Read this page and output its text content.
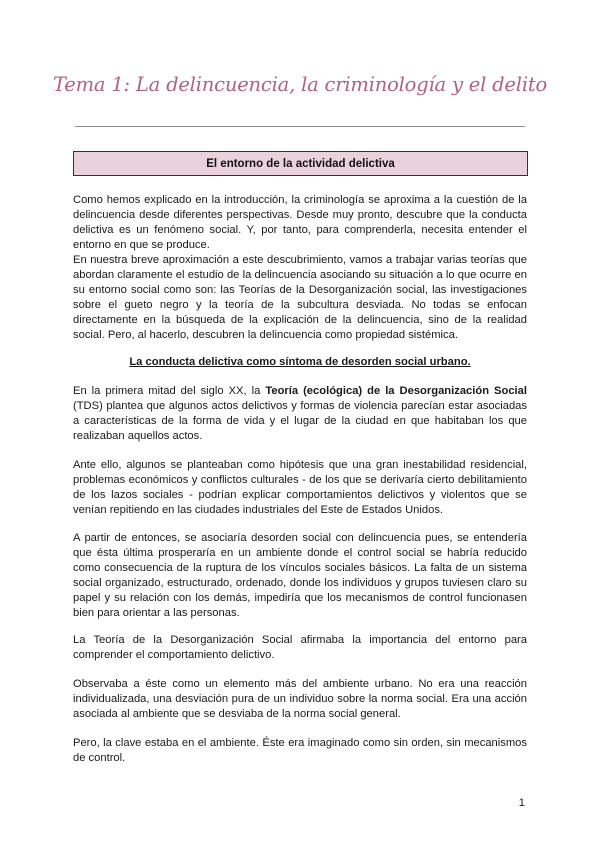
Tema 1: La delincuencia, la criminología y el delito
El entorno de la actividad delictiva

Como hemos explicado en la introducción, la criminología se aproxima a la cuestión de la delincuencia desde diferentes perspectivas. Desde muy pronto, descubre que la conducta delictiva es un fenómeno social. Y, por tanto, para comprenderla, necesita entender el entorno en que se produce.

En nuestra breve aproximación a este descubrimiento, vamos a trabajar varias teorías que abordan claramente el estudio de la delincuencia asociando su situación a lo que ocurre en su entorno social como son: las Teorías de la Desorganización social, las investigaciones sobre el gueto negro y la teoría de la subcultura desviada. No todas se enfocan directamente en la búsqueda de la explicación de la delincuencia, sino de la realidad social. Pero, al hacerlo, descubren la delincuencia como propiedad sistémica.

La conducta delictiva como síntoma de desorden social urbano.

En la primera mitad del siglo XX, la Teoría (ecológica) de la Desorganización Social (TDS) plantea que algunos actos delictivos y formas de violencia parecían estar asociadas a características de la forma de vida y el lugar de la ciudad en que habitaban los que realizaban aquellos actos.

Ante ello, algunos se planteaban como hipótesis que una gran inestabilidad residencial, problemas económicos y conflictos culturales - de los que se derivaría cierto debilitamiento de los lazos sociales - podrían explicar comportamientos delictivos y violentos que se venían repitiendo en las ciudades industriales del Este de Estados Unidos.

A partir de entonces, se asociaría desorden social con delincuencia pues, se entendería que ésta última prosperaría en un ambiente donde el control social se habría reducido como consecuencia de la ruptura de los vínculos sociales básicos. La falta de un sistema social organizado, estructurado, ordenado, donde los individuos y grupos tuviesen claro su papel y su relación con los demás, impediría que los mecanismos de control funcionasen bien para orientar a las personas.

La Teoría de la Desorganización Social afirmaba la importancia del entorno para comprender el comportamiento delictivo.

Observaba a éste como un elemento más del ambiente urbano. No era una reacción individualizada, una desviación pura de un individuo sobre la norma social. Era una acción asociada al ambiente que se desviaba de la norma social general.

Pero, la clave estaba en el ambiente. Éste era imaginado como sin orden, sin mecanismos de control.

1
